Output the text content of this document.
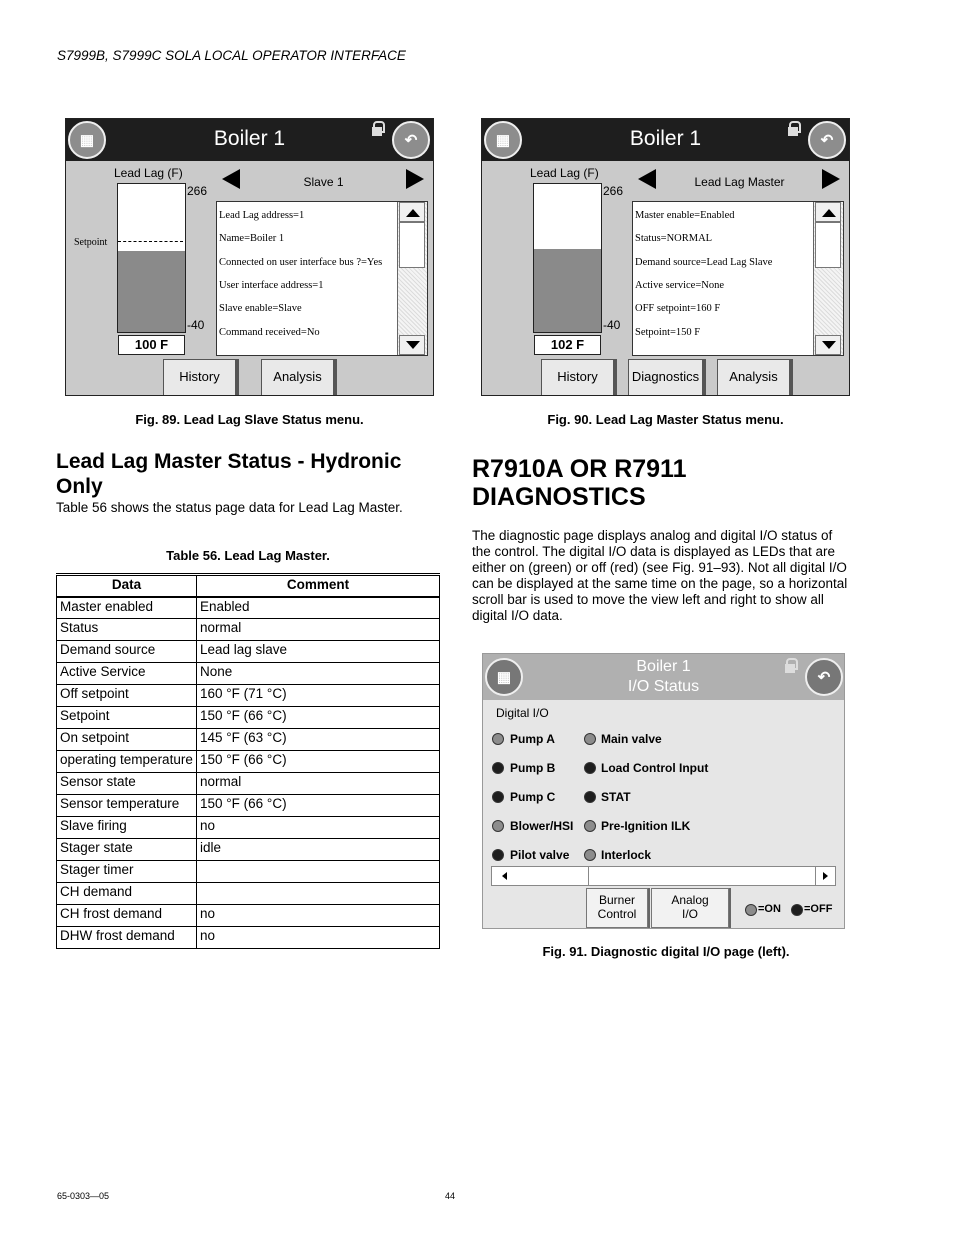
S7999B, S7999C SOLA LOCAL OPERATOR INTERFACE
▦	Boiler 1	↶
Lead Lag (F)
266
Setpoint
-40
100 F
Slave 1
Lead Lag address=1
Name=Boiler 1
Connected on user interface bus ?=Yes
User interface address=1
Slave enable=Slave
Command received=No
History	Analysis
▦	Boiler 1	↶
Lead Lag (F)
266
-40
102 F
Lead Lag Master
Master enable=Enabled
Status=NORMAL
Demand source=Lead Lag Slave
Active service=None
OFF setpoint=160 F
Setpoint=150 F
History	Diagnostics	Analysis
Fig. 89. Lead Lag Slave Status menu.	Fig. 90. Lead Lag Master Status menu.
Lead Lag Master Status - Hydronic
Only
Table 56 shows the status page data for Lead Lag Master.
Table 56. Lead Lag Master.
Data	Comment
Master enabled	Enabled
Status	normal
Demand source	Lead lag slave
Active Service	None
Off setpoint	160 °F (71 °C)
Setpoint	150 °F (66 °C)
On setpoint	145 °F (63 °C)
operating temperature	150 °F (66 °C)
Sensor state	normal
Sensor temperature	150 °F (66 °C)
Slave firing	no
Stager state	idle
Stager timer	
CH demand	
CH frost demand	no
DHW frost demand	no
R7910A OR R7911
DIAGNOSTICS
The diagnostic page displays analog and digital I/O status of
the control. The digital I/O data is displayed as LEDs that are
either on (green) or off (red) (see Fig. 91–93). Not all digital I/O
can be displayed at the same time on the page, so a horizontal
scroll bar is used to move the view left and right to show all
digital I/O data.
▦
Boiler 1
I/O Status
↶
Digital I/O
Burner
Control
Analog
I/O	=ON =OFF
Pump A
Pump B
Pump C
Blower/HSI
Pilot valve
Main valve
Load Control Input
STAT
Pre-Ignition ILK
Interlock
Fig. 91. Diagnostic digital I/O page (left).
65-0303—05	44
